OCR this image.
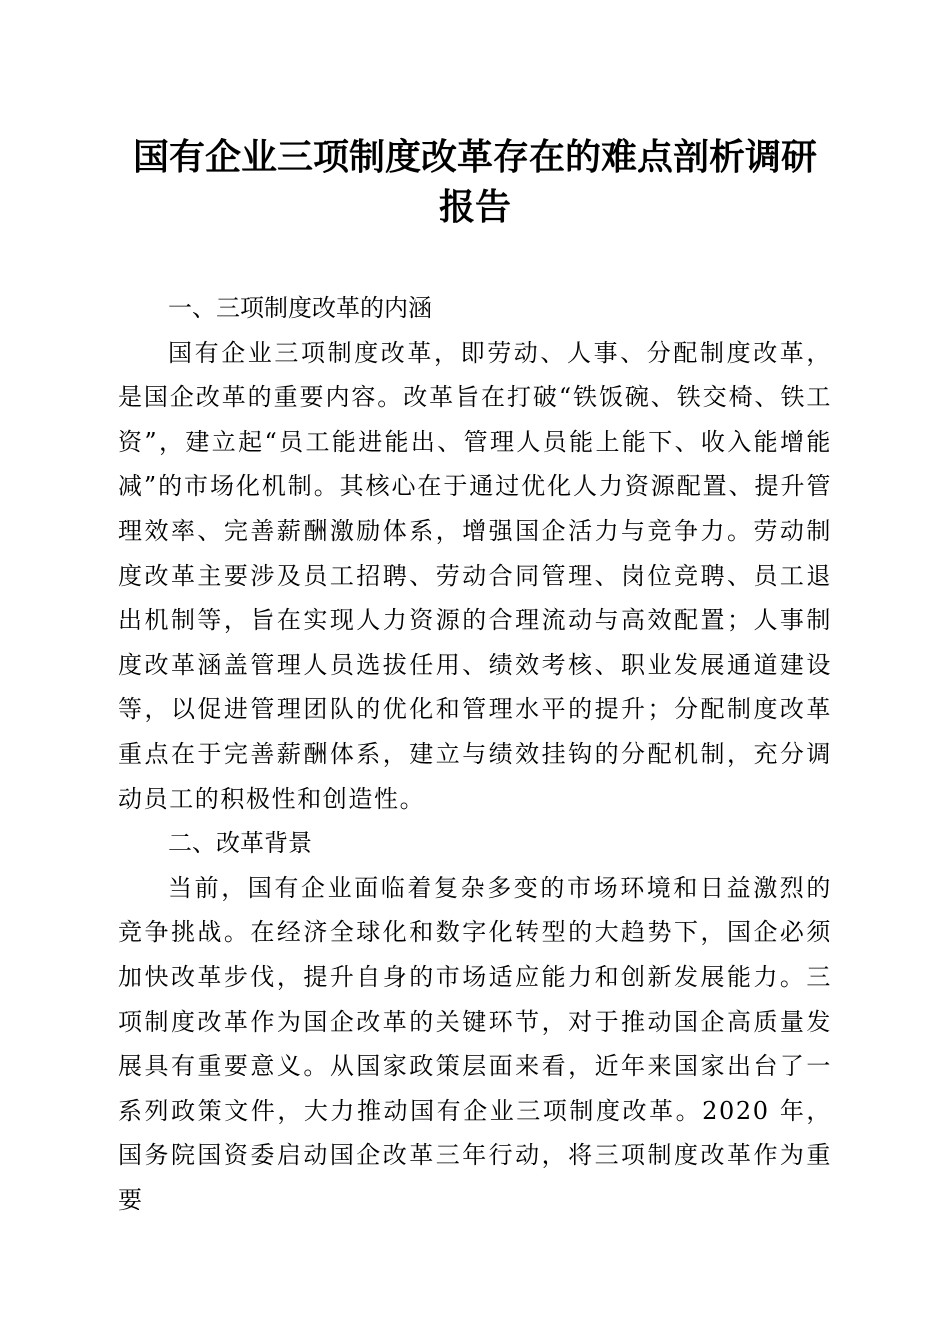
国有企业三项制度改革存在的难点剖析调研报告
一、三项制度改革的内涵

国有企业三项制度改革，即劳动、人事、分配制度改革，是国企改革的重要内容。改革旨在打破“铁饭碗、铁交椅、铁工资”，建立起“员工能进能出、管理人员能上能下、收入能增能减”的市场化机制。其核心在于通过优化人力资源配置、提升管理效率、完善薪酬激励体系，增强国企活力与竞争力。劳动制度改革主要涉及员工招聘、劳动合同管理、岗位竞聘、员工退出机制等，旨在实现人力资源的合理流动与高效配置；人事制度改革涵盖管理人员选拔任用、绩效考核、职业发展通道建设等，以促进管理团队的优化和管理水平的提升；分配制度改革重点在于完善薪酬体系，建立与绩效挂钩的分配机制，充分调动员工的积极性和创造性。

二、改革背景

当前，国有企业面临着复杂多变的市场环境和日益激烈的竞争挑战。在经济全球化和数字化转型的大趋势下，国企必须加快改革步伐，提升自身的市场适应能力和创新发展能力。三项制度改革作为国企改革的关键环节，对于推动国企高质量发展具有重要意义。从国家政策层面来看，近年来国家出台了一系列政策文件，大力推动国有企业三项制度改革。2020 年，国务院国资委启动国企改革三年行动，将三项制度改革作为重要
